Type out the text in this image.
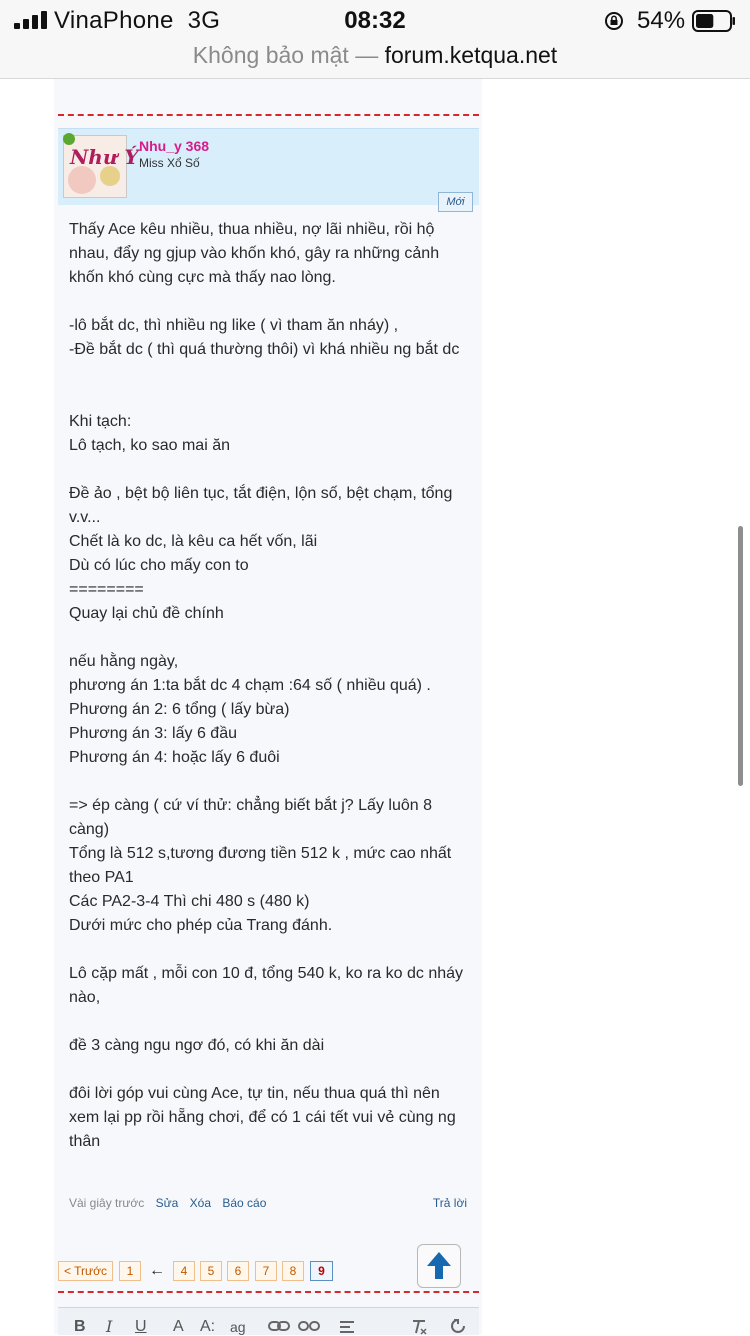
VinaPhone 3G	08:32	54%
Không bảo mật — forum.ketqua.net
Như Ý Nhu_y 368
Miss Xổ Số
Mới

Thấy Ace kêu nhiều, thua nhiều, nợ lãi nhiều, rồi hộ nhau, đẩy ng gjup vào khốn khó, gây ra những cảnh khốn khó cùng cực mà thấy nao lòng.

-lô bắt dc, thì nhiều ng like ( vì tham ăn nháy) ,

-Đề bắt dc ( thì quá thường thôi) vì khá nhiều ng bắt dc

Khi tạch:

Lô tạch, ko sao mai ăn

Đề ảo , bệt bộ liên tục, tắt điện, lộn số, bệt chạm, tổng v.v...

Chết là ko dc, là kêu ca hết vốn, lãi

Dù có lúc cho mấy con to

========

Quay lại chủ đề chính

nếu hằng ngày,

phương án 1:ta bắt dc 4 chạm :64 số ( nhiều quá) .

Phương án 2: 6 tổng ( lấy bừa)

Phương án 3: lấy 6 đầu

Phương án 4: hoặc lấy 6 đuôi

=> ép càng ( cứ ví thử: chẳng biết bắt j? Lấy luôn 8 càng)

Tổng là 512 s,tương đương tiền 512 k , mức cao nhất theo PA1

Các PA2-3-4 Thì chi 480 s (480 k)

Dưới mức cho phép của Trang đánh.

Lô cặp mất , mỗi con 10 đ, tổng 540 k, ko ra ko dc nháy nào,

đề 3 càng ngu ngơ đó, có khi ăn dài

đôi lời góp vui cùng Ace, tự tin, nếu thua quá thì nên xem lại pp rồi hẵng chơi, để có 1 cái tết vui vẻ cùng ng thân

Vài giây trước Sửa Xóa Báo cáo	Trả lời
< Trước	1 ←	4	5	6	7	8	9
B I U A A: ag
